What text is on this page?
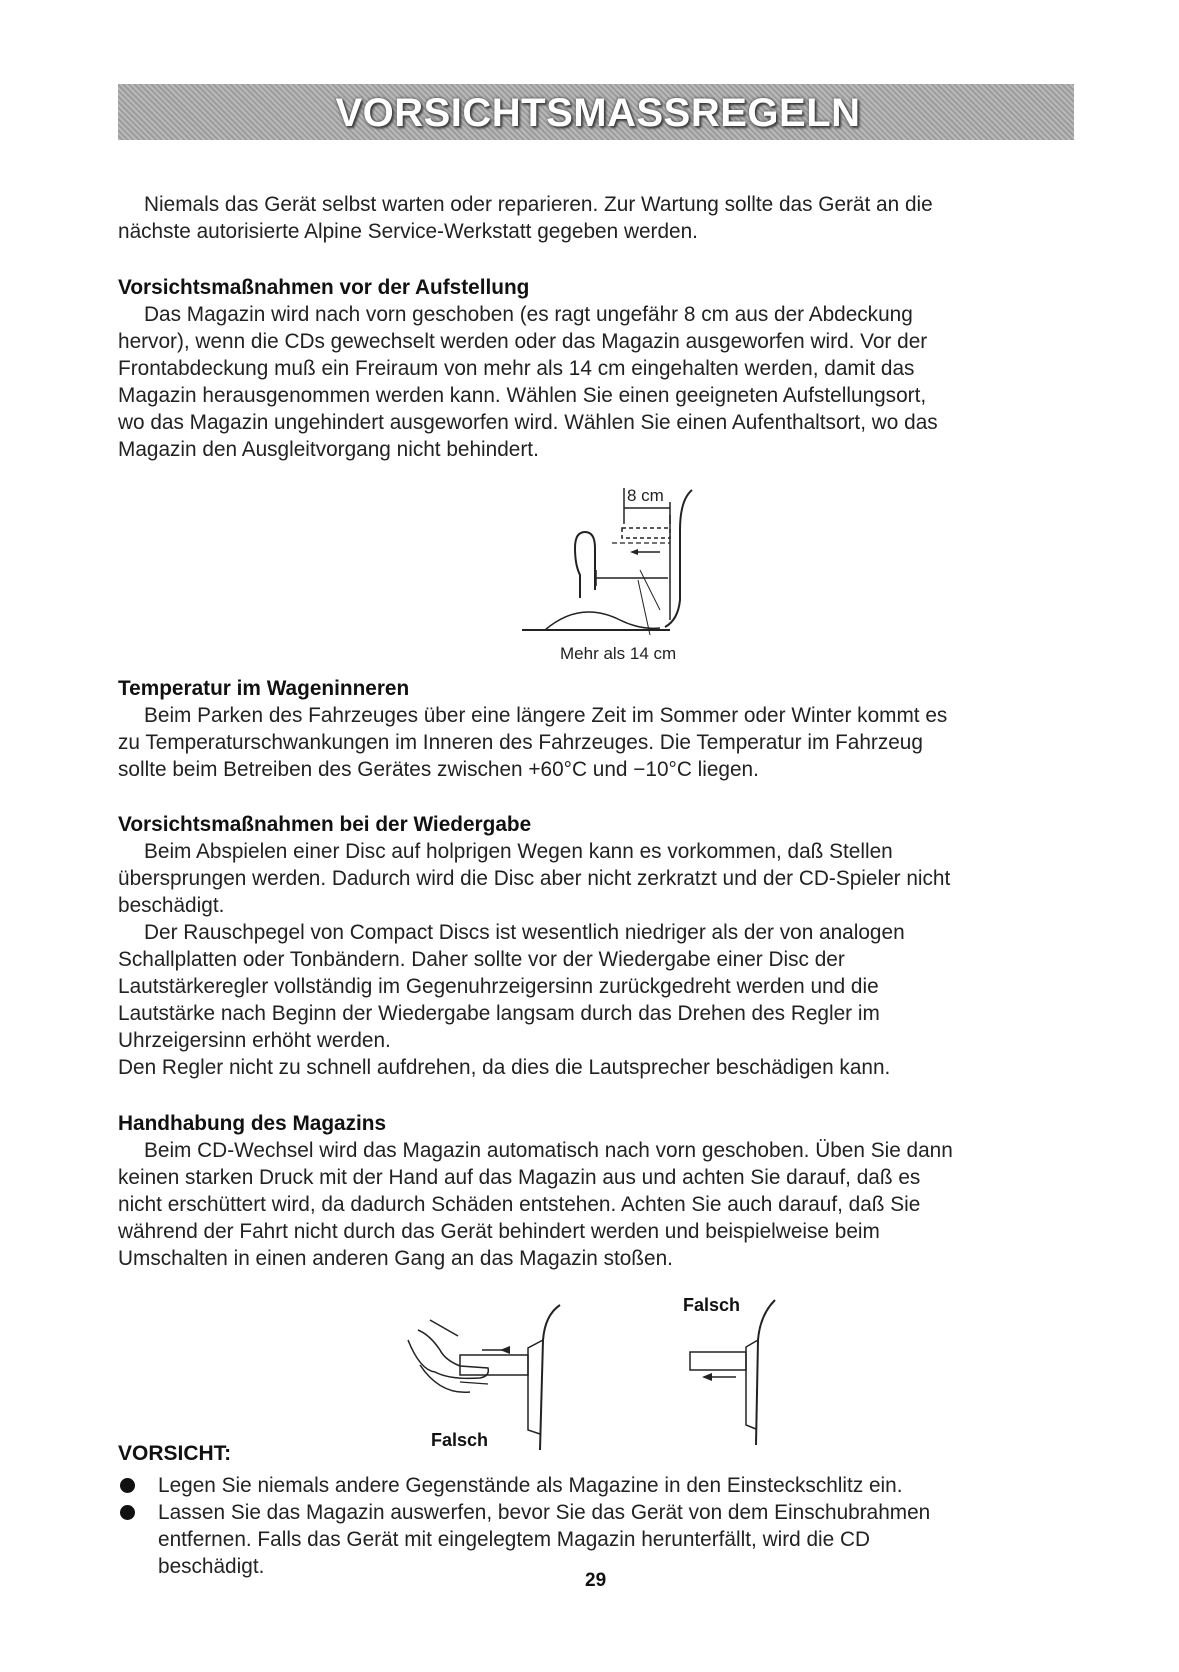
VORSICHTSMASSREGELN
Niemals das Gerät selbst warten oder reparieren. Zur Wartung sollte das Gerät an die
nächste autorisierte Alpine Service-Werkstatt gegeben werden.
Vorsichtsmaßnahmen vor der Aufstellung
Das Magazin wird nach vorn geschoben (es ragt ungefähr 8 cm aus der Abdeckung
hervor), wenn die CDs gewechselt werden oder das Magazin ausgeworfen wird. Vor der
Frontabdeckung muß ein Freiraum von mehr als 14 cm eingehalten werden, damit das
Magazin herausgenommen werden kann. Wählen Sie einen geeigneten Aufstellungsort,
wo das Magazin ungehindert ausgeworfen wird. Wählen Sie einen Aufenthaltsort, wo das
Magazin den Ausgleitvorgang nicht behindert.
8 cm
Mehr als 14 cm
Temperatur im Wageninneren
Beim Parken des Fahrzeuges über eine längere Zeit im Sommer oder Winter kommt es
zu Temperaturschwankungen im Inneren des Fahrzeuges. Die Temperatur im Fahrzeug
sollte beim Betreiben des Gerätes zwischen +60°C und −10°C liegen.
Vorsichtsmaßnahmen bei der Wiedergabe
Beim Abspielen einer Disc auf holprigen Wegen kann es vorkommen, daß Stellen
übersprungen werden. Dadurch wird die Disc aber nicht zerkratzt und der CD-Spieler nicht
beschädigt.
Der Rauschpegel von Compact Discs ist wesentlich niedriger als der von analogen
Schallplatten oder Tonbändern. Daher sollte vor der Wiedergabe einer Disc der
Lautstärkeregler vollständig im Gegenuhrzeigersinn zurückgedreht werden und die
Lautstärke nach Beginn der Wiedergabe langsam durch das Drehen des Regler im
Uhrzeigersinn erhöht werden.
Den Regler nicht zu schnell aufdrehen, da dies die Lautsprecher beschädigen kann.
Handhabung des Magazins
Beim CD-Wechsel wird das Magazin automatisch nach vorn geschoben. Üben Sie dann
keinen starken Druck mit der Hand auf das Magazin aus und achten Sie darauf, daß es
nicht erschüttert wird, da dadurch Schäden entstehen. Achten Sie auch darauf, daß Sie
während der Fahrt nicht durch das Gerät behindert werden und beispielweise beim
Umschalten in einen anderen Gang an das Magazin stoßen.
Falsch
Falsch
VORSICHT:
Legen Sie niemals andere Gegenstände als Magazine in den Einsteckschlitz ein.
Lassen Sie das Magazin auswerfen, bevor Sie das Gerät von dem Einschubrahmen
entfernen. Falls das Gerät mit eingelegtem Magazin herunterfällt, wird die CD
beschädigt.
29
